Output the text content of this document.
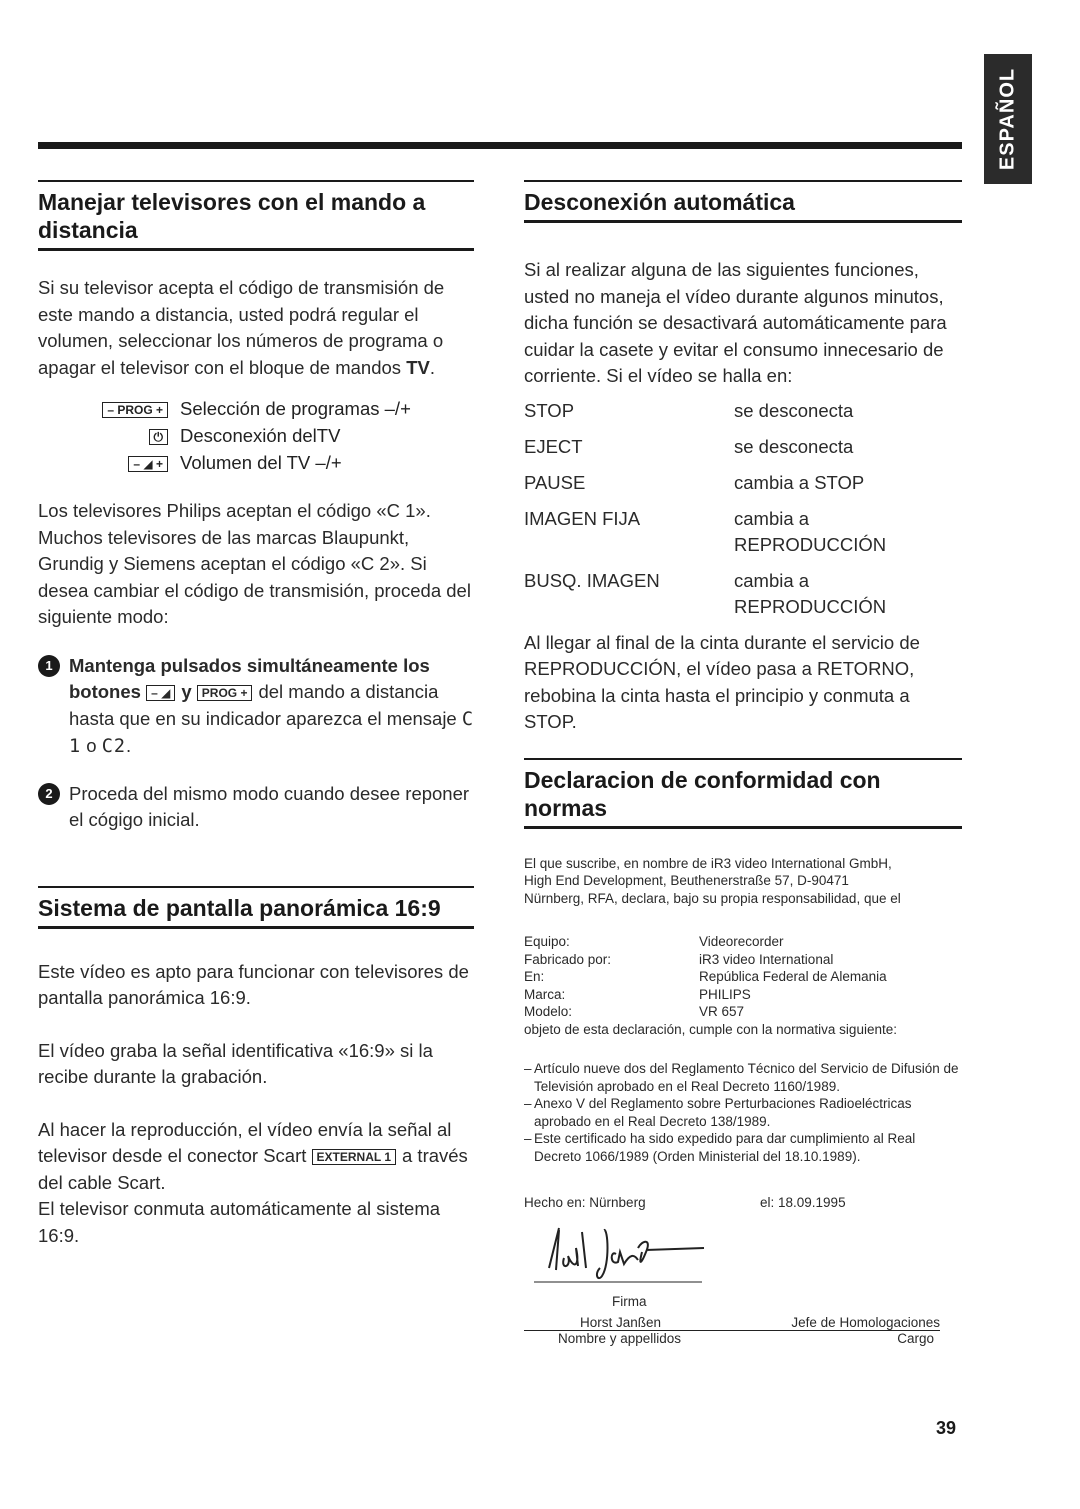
ESPAÑOL
Manejar televisores con el mando a distancia

Si su televisor acepta el código de transmisión de este mando a distancia, usted podrá regular el volumen, seleccionar los números de programa o apagar el televisor con el bloque de mandos TV.

– PROG + Selección de programas –/+
⏻ Desconexión delTV
– ◢ + Volumen del TV –/+

Los televisores Philips aceptan el código «C 1». Muchos televisores de las marcas Blaupunkt, Grundig y Siemens aceptan el código «C 2». Si desea cambiar el código de transmisión, proceda del siguiente modo:

1 Mantenga pulsados simultáneamente los botones – ◢ y PROG + del mando a distancia hasta que en su indicador aparezca el mensaje C 1 o C2.

2 Proceda del mismo modo cuando desee reponer el cógigo inicial.

Sistema de pantalla panorámica 16:9

Este vídeo es apto para funcionar con televisores de pantalla panorámica 16:9.

El vídeo graba la señal identificativa «16:9» si la recibe durante la grabación.

Al hacer la reproducción, el vídeo envía la señal al televisor desde el conector Scart EXTERNAL 1 a través del cable Scart.

El televisor conmuta automáticamente al sistema 16:9.

Desconexión automática

Si al realizar alguna de las siguientes funciones, usted no maneja el vídeo durante algunos minutos, dicha función se desactivará automáticamente para cuidar la casete y evitar el consumo innecesario de corriente. Si el vídeo se halla en:

STOP	se desconecta
EJECT	se desconecta
PAUSE	cambia a STOP
IMAGEN FIJA	cambia a REPRODUCCIÓN
BUSQ. IMAGEN	cambia a REPRODUCCIÓN

Al llegar al final de la cinta durante el servicio de REPRODUCCIÓN, el vídeo pasa a RETORNO, rebobina la cinta hasta el principio y conmuta a STOP.

Declaracion de conformidad con normas

El que suscribe, en nombre de iR3 video International GmbH, High End Development, Beuthenerstraße 57, D-90471 Nürnberg, RFA, declara, bajo su propia responsabilidad, que el

Equipo:	Videorecorder
Fabricado por:	iR3 video International
En:	República Federal de Alemania
Marca:	PHILIPS
Modelo:	VR 657

objeto de esta declaración, cumple con la normativa siguiente:

– Artículo nueve dos del Reglamento Técnico del Servicio de Difusión de Televisión aprobado en el Real Decreto 1160/1989.
– Anexo V del Reglamento sobre Perturbaciones Radioeléctricas aprobado en el Real Decreto 138/1989.
– Este certificado ha sido expedido para dar cumplimiento al Real Decreto 1066/1989 (Orden Ministerial del 18.10.1989).
Hecho en: Nürnberg	el: 18.09.1995
Firma
Horst Janßen	Jefe de Homologaciones
Nombre y appellidos	Cargo
39
